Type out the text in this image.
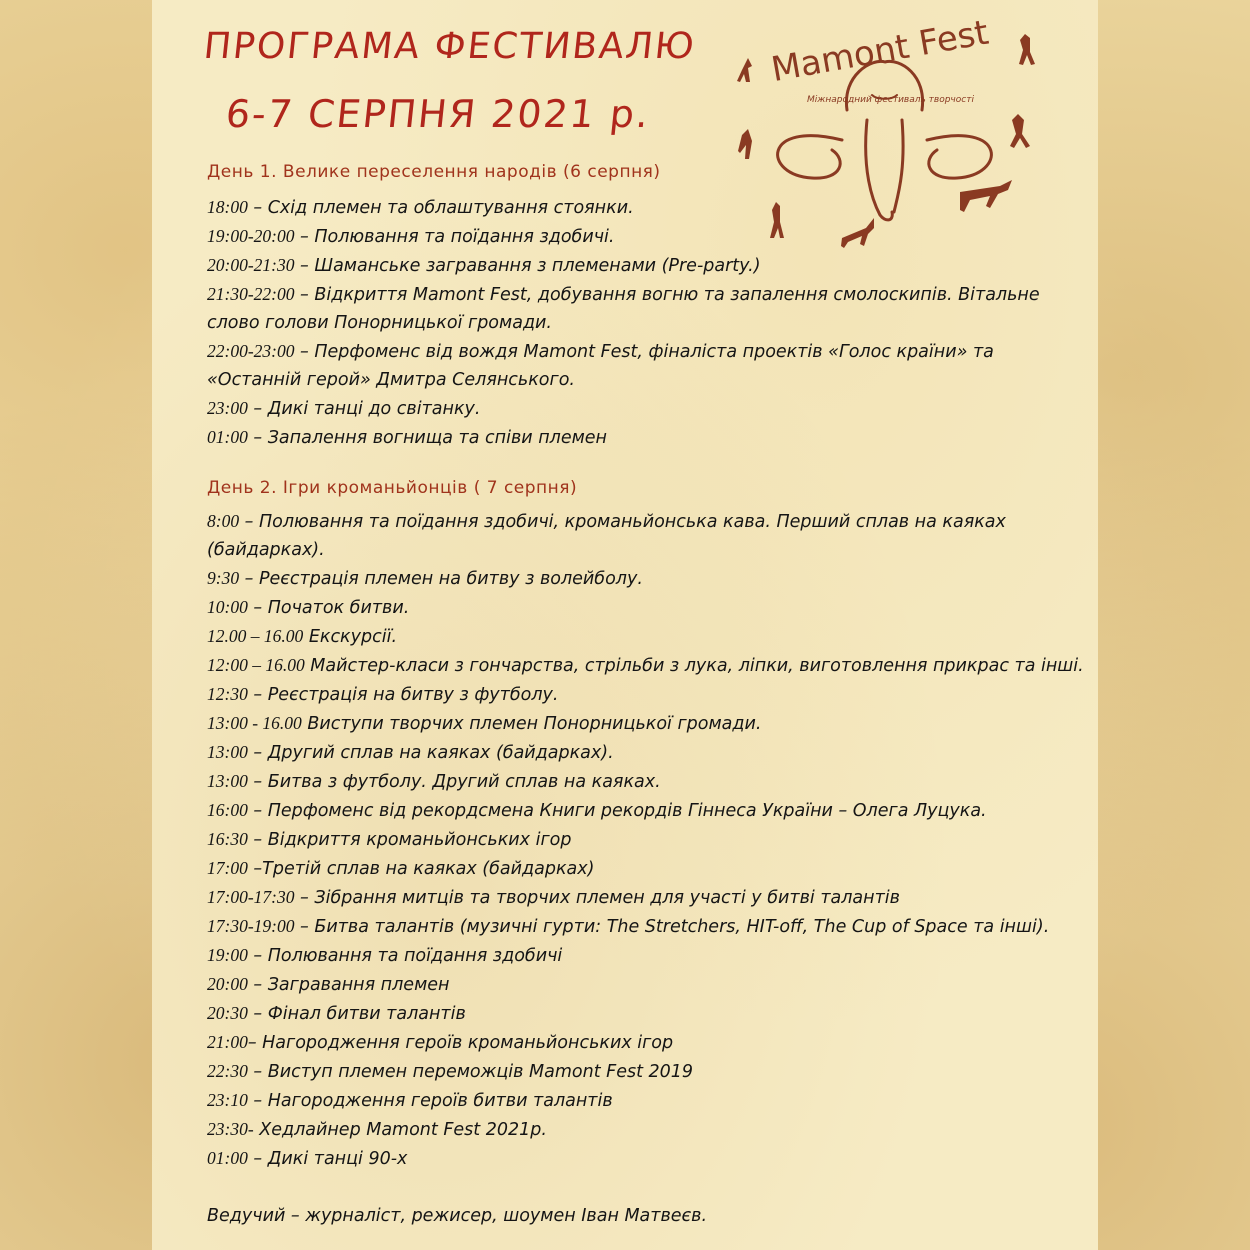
ПРОГРАМА ФЕСТИВАЛЮ
6-7 СЕРПНЯ 2021 р.
Mamont Fest
Міжнародний фестиваль творчості
День 1. Велике переселення народів (6 серпня)
18:00 – Схід племен та облаштування стоянки.
19:00-20:00 – Полювання та поїдання здобичі.
20:00-21:30 – Шаманське загравання з племенами (Pre-party.)
21:30-22:00 – Відкриття Mamont Fest, добування вогню та запалення смолоскипів. Вітальне слово голови Понорницької громади.
22:00-23:00 – Перфоменс від вождя Mamont Fest, фіналіста проектів «Голос країни» та «Останній герой» Дмитра Селянського.
23:00 – Дикі танці до світанку.
01:00 – Запалення вогнища та співи племен
День 2. Ігри кроманьйонців ( 7 серпня)
8:00 – Полювання та поїдання здобичі, кроманьйонська кава. Перший сплав на каяках (байдарках).
9:30 – Реєстрація племен на битву з волейболу.
10:00 – Початок битви.
12.00 – 16.00 Екскурсії.
12:00 – 16.00 Майстер-класи з гончарства, стрільби з лука, ліпки, виготовлення прикрас та інші.
12:30 – Реєстрація на битву з футболу.
13:00 - 16.00 Виступи творчих племен Понорницької громади.
13:00 – Другий сплав на каяках (байдарках).
13:00 – Битва з футболу. Другий сплав на каяках.
16:00 – Перфоменс від рекордсмена Книги рекордів Гіннеса України – Олега Луцука.
16:30 – Відкриття кроманьйонських ігор
17:00 –Третій сплав на каяках (байдарках)
17:00-17:30 – Зібрання митців та творчих племен для участі у битві талантів
17:30-19:00 – Битва талантів (музичні гурти: The Stretchers, HIT-off, The Cup of Space та інші).
19:00 – Полювання та поїдання здобичі
20:00 – Загравання племен
20:30 – Фінал битви талантів
21:00– Нагородження героїв кроманьйонських ігор
22:30 – Виступ племен переможців Mamont Fest 2019
23:10 – Нагородження героїв битви талантів
23:30- Хедлайнер Mamont Fest 2021р.
01:00 – Дикі танці 90-х

Ведучий – журналіст, режисер, шоумен Іван Матвеєв.
